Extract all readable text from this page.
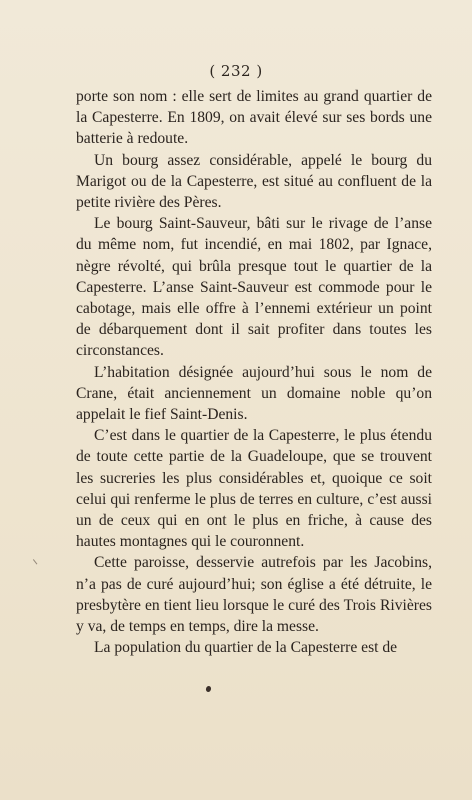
( 232 )

porte son nom : elle sert de limites au grand quartier de la Capesterre. En 1809, on avait élevé sur ses bords une batterie à redoute.

Un bourg assez considérable, appelé le bourg du Marigot ou de la Capesterre, est situé au confluent de la petite rivière des Pères.

Le bourg Saint-Sauveur, bâti sur le rivage de l’anse du même nom, fut incendié, en mai 1802, par Ignace, nègre révolté, qui brûla presque tout le quartier de la Capesterre. L’anse Saint-Sauveur est commode pour le cabotage, mais elle offre à l’ennemi extérieur un point de débarquement dont il sait profiter dans toutes les circonstances.

L’habitation désignée aujourd’hui sous le nom de Crane, était anciennement un domaine noble qu’on appelait le fief Saint-Denis.

C’est dans le quartier de la Capesterre, le plus étendu de toute cette partie de la Guadeloupe, que se trouvent les sucreries les plus considérables et, quoique ce soit celui qui renferme le plus de terres en culture, c’est aussi un de ceux qui en ont le plus en friche, à cause des hautes montagnes qui le couronnent.

Cette paroisse, desservie autrefois par les Jacobins, n’a pas de curé aujourd’hui; son église a été détruite, le presbytère en tient lieu lorsque le curé des Trois Rivières y va, de temps en temps, dire la messe.

La population du quartier de la Capesterre est de
